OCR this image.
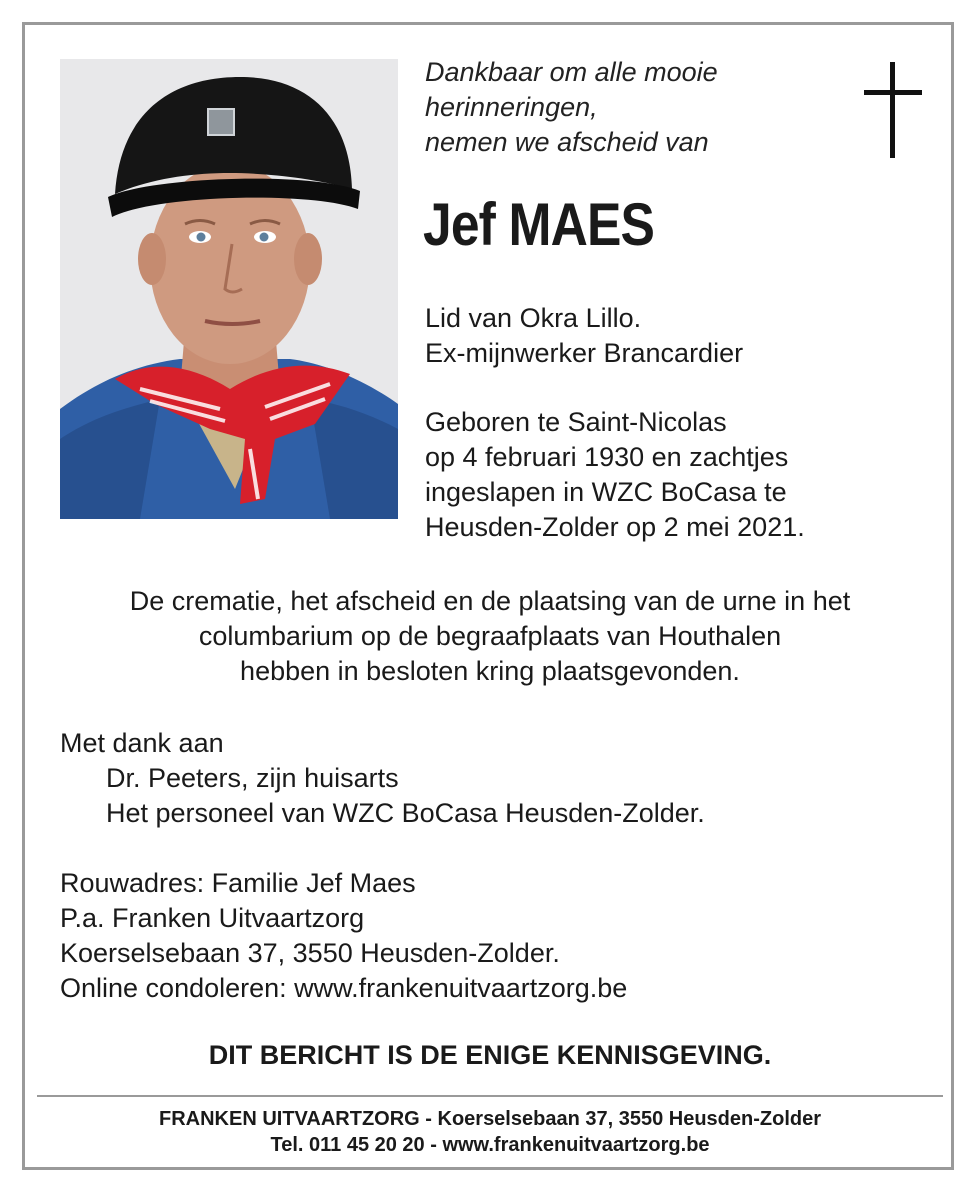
Dankbaar om alle mooie
herinneringen,
nemen we afscheid van
Jef MAES
Lid van Okra Lillo.
Ex-mijnwerker Brancardier
Geboren te Saint-Nicolas
op 4 februari 1930 en zachtjes
ingeslapen in WZC BoCasa te
Heusden-Zolder op 2 mei 2021.
De crematie, het afscheid en de plaatsing van de urne in het
columbarium op de begraafplaats van Houthalen
hebben in besloten kring plaatsgevonden.
Met dank aan
Dr. Peeters, zijn huisarts
Het personeel van WZC BoCasa Heusden-Zolder.
Rouwadres: Familie Jef Maes
P.a. Franken Uitvaartzorg
Koerselsebaan 37, 3550 Heusden-Zolder.
Online condoleren: www.frankenuitvaartzorg.be
DIT BERICHT IS DE ENIGE KENNISGEVING.
FRANKEN UITVAARTZORG - Koerselsebaan 37, 3550 Heusden-Zolder
Tel. 011 45 20 20 - www.frankenuitvaartzorg.be
